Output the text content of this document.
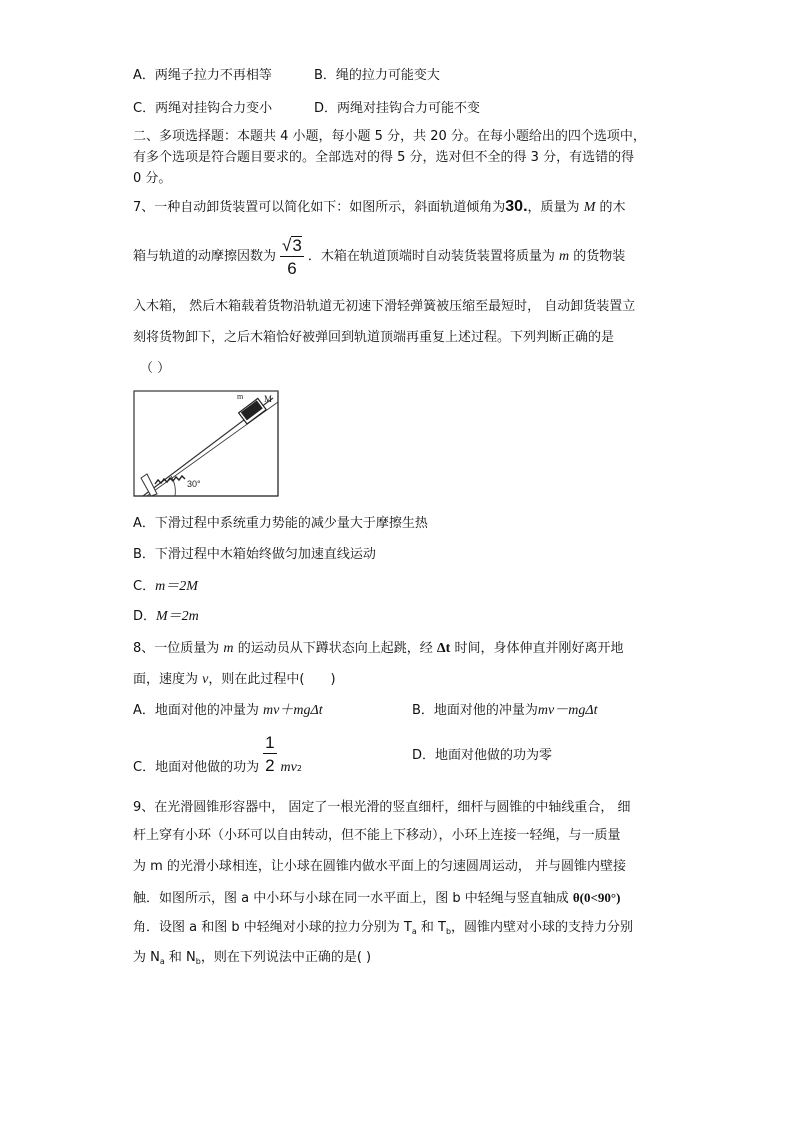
A．两绳子拉力不再相等	B．绳的拉力可能变大
C．两绳对挂钩合力变小	D．两绳对挂钩合力可能不变
二、多项选择题：本题共 4 小题，每小题 5 分，共 20 分。在每小题给出的四个选项中，
有多个选项是符合题目要求的。全部选对的得 5 分，选对但不全的得 3 分，有选错的得
0 分。
7、一种自动卸货装置可以简化如下：如图所示，斜面轨道倾角为30.，质量为 M 的木
箱与轨道的动摩擦因数为 $\frac{√3}{6}$ ．木箱在轨道顶端时自动装货装置将质量为 m 的货物装
入木箱， 然后木箱载着货物沿轨道无初速下滑轻弹簧被压缩至最短时， 自动卸货装置立
刻将货物卸下，之后木箱恰好被弹回到轨道顶端再重复上述过程。下列判断正确的是
（ ）
m M
30°
A．下滑过程中系统重力势能的减少量大于摩擦生热
B．下滑过程中木箱始终做匀加速直线运动
C．m＝2M
D．M＝2m
8、一位质量为 m 的运动员从下蹲状态向上起跳，经 Δt 时间，身体伸直并刚好离开地
面，速度为 v，则在此过程中(　　)
A．地面对他的冲量为 mv＋mgΔt	B．地面对他的冲量为mv－mgΔt
C．地面对他做的功为 $\frac{1}{2} mv_2$
D．地面对他做的功为零
9、在光滑圆锥形容器中， 固定了一根光滑的竖直细杆，细杆与圆锥的中轴线重合， 细
杆上穿有小环（小环可以自由转动，但不能上下移动），小环上连接一轻绳，与一质量
为 m 的光滑小球相连，让小球在圆锥内做水平面上的匀速圆周运动， 并与圆锥内壁接
触．如图所示，图 a 中小环与小球在同一水平面上，图 b 中轻绳与竖直轴成 θ(0<90°)
角．设图 a 和图 b 中轻绳对小球的拉力分别为 $T_a$ 和 $T_b$，圆锥内壁对小球的支持力分别
为 $N_a$ 和 $N_b$，则在下列说法中正确的是( )
